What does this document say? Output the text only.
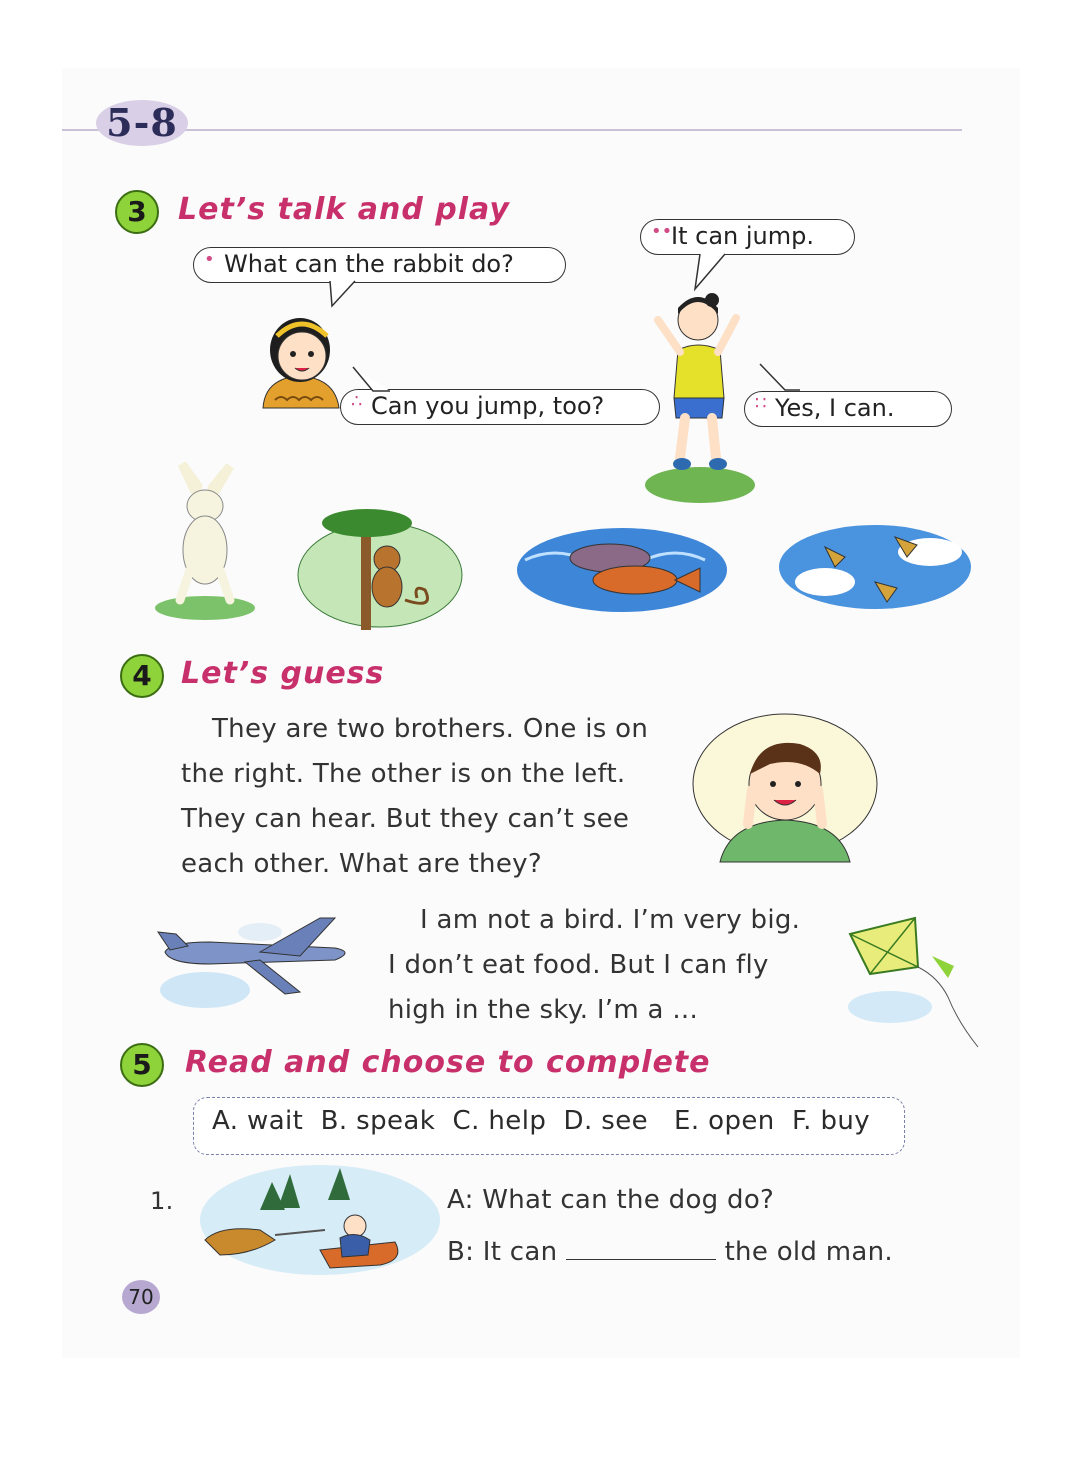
5-8
3	Let’s talk and play
• What can the rabbit do?
••
It can jump.
∴ Can you jump, too?	∷ Yes, I can.
4 Let’s guess
They are two brothers. One is on
the right. The other is on the left.
They can hear. But they can’t see
each other. What are they?
I am not a bird. I’m very big.
I don’t eat food. But I can fly
high in the sky. I’m a ...
5	Read and choose to complete
A. wait  B. speak  C. help  D. see   E. open  F. buy
1.	A: What can the dog do?
B: It can	the old man.
70
